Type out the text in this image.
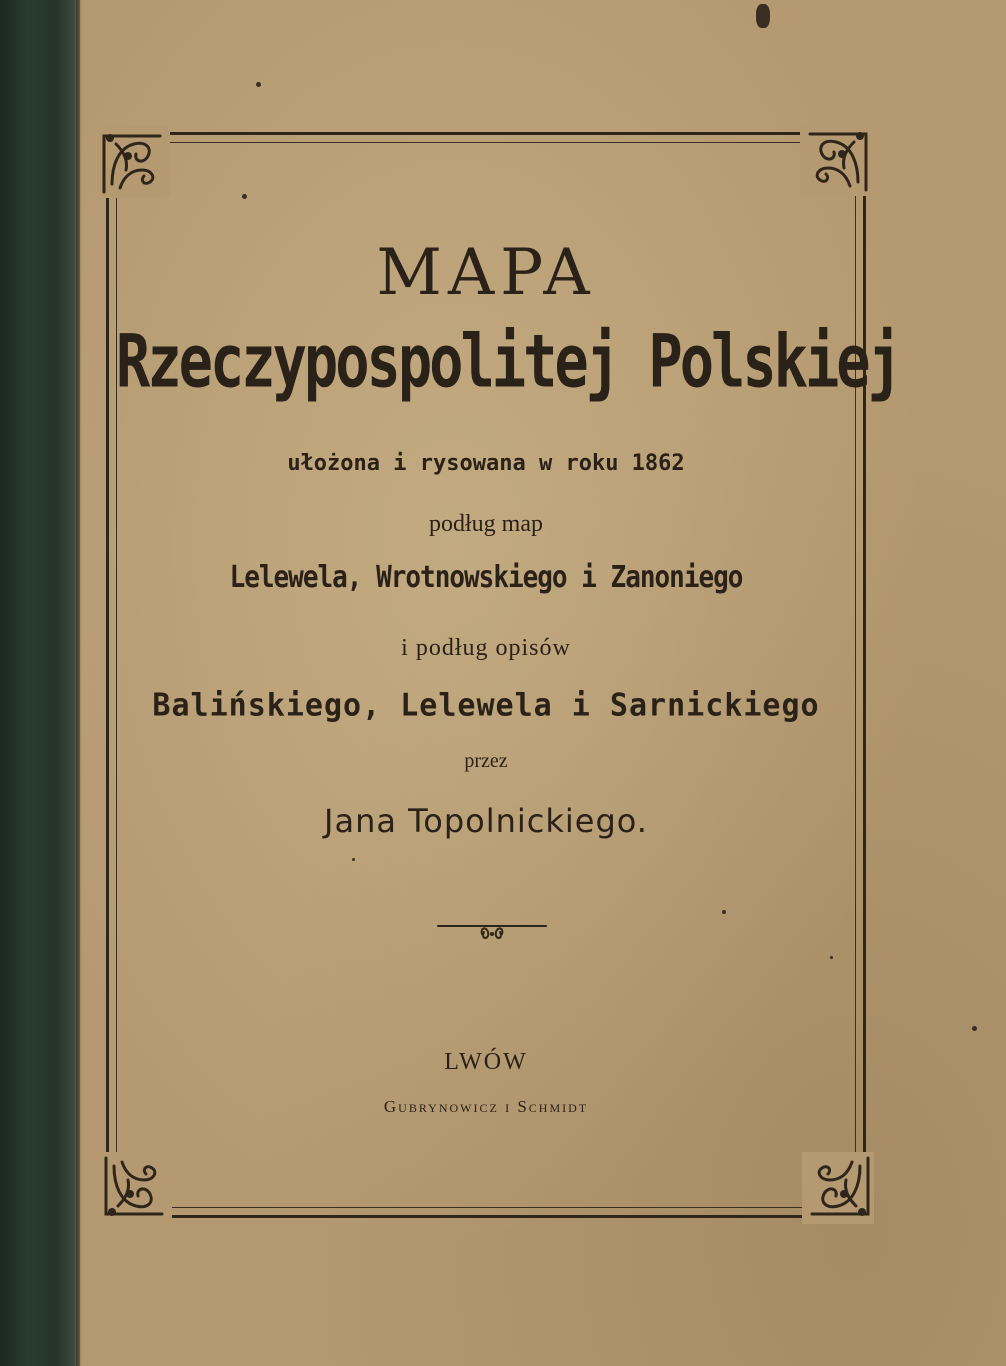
MAPA
Rzeczypospolitej Polskiej
ułożona i rysowana w roku 1862
podług map
Lelewela, Wrotnowskiego i Zanoniego
i podług opisów
Balińskiego, Lelewela i Sarnickiego
przez
Jana Topolnickiego.
LWÓW
Gubrynowicz i Schmidt
